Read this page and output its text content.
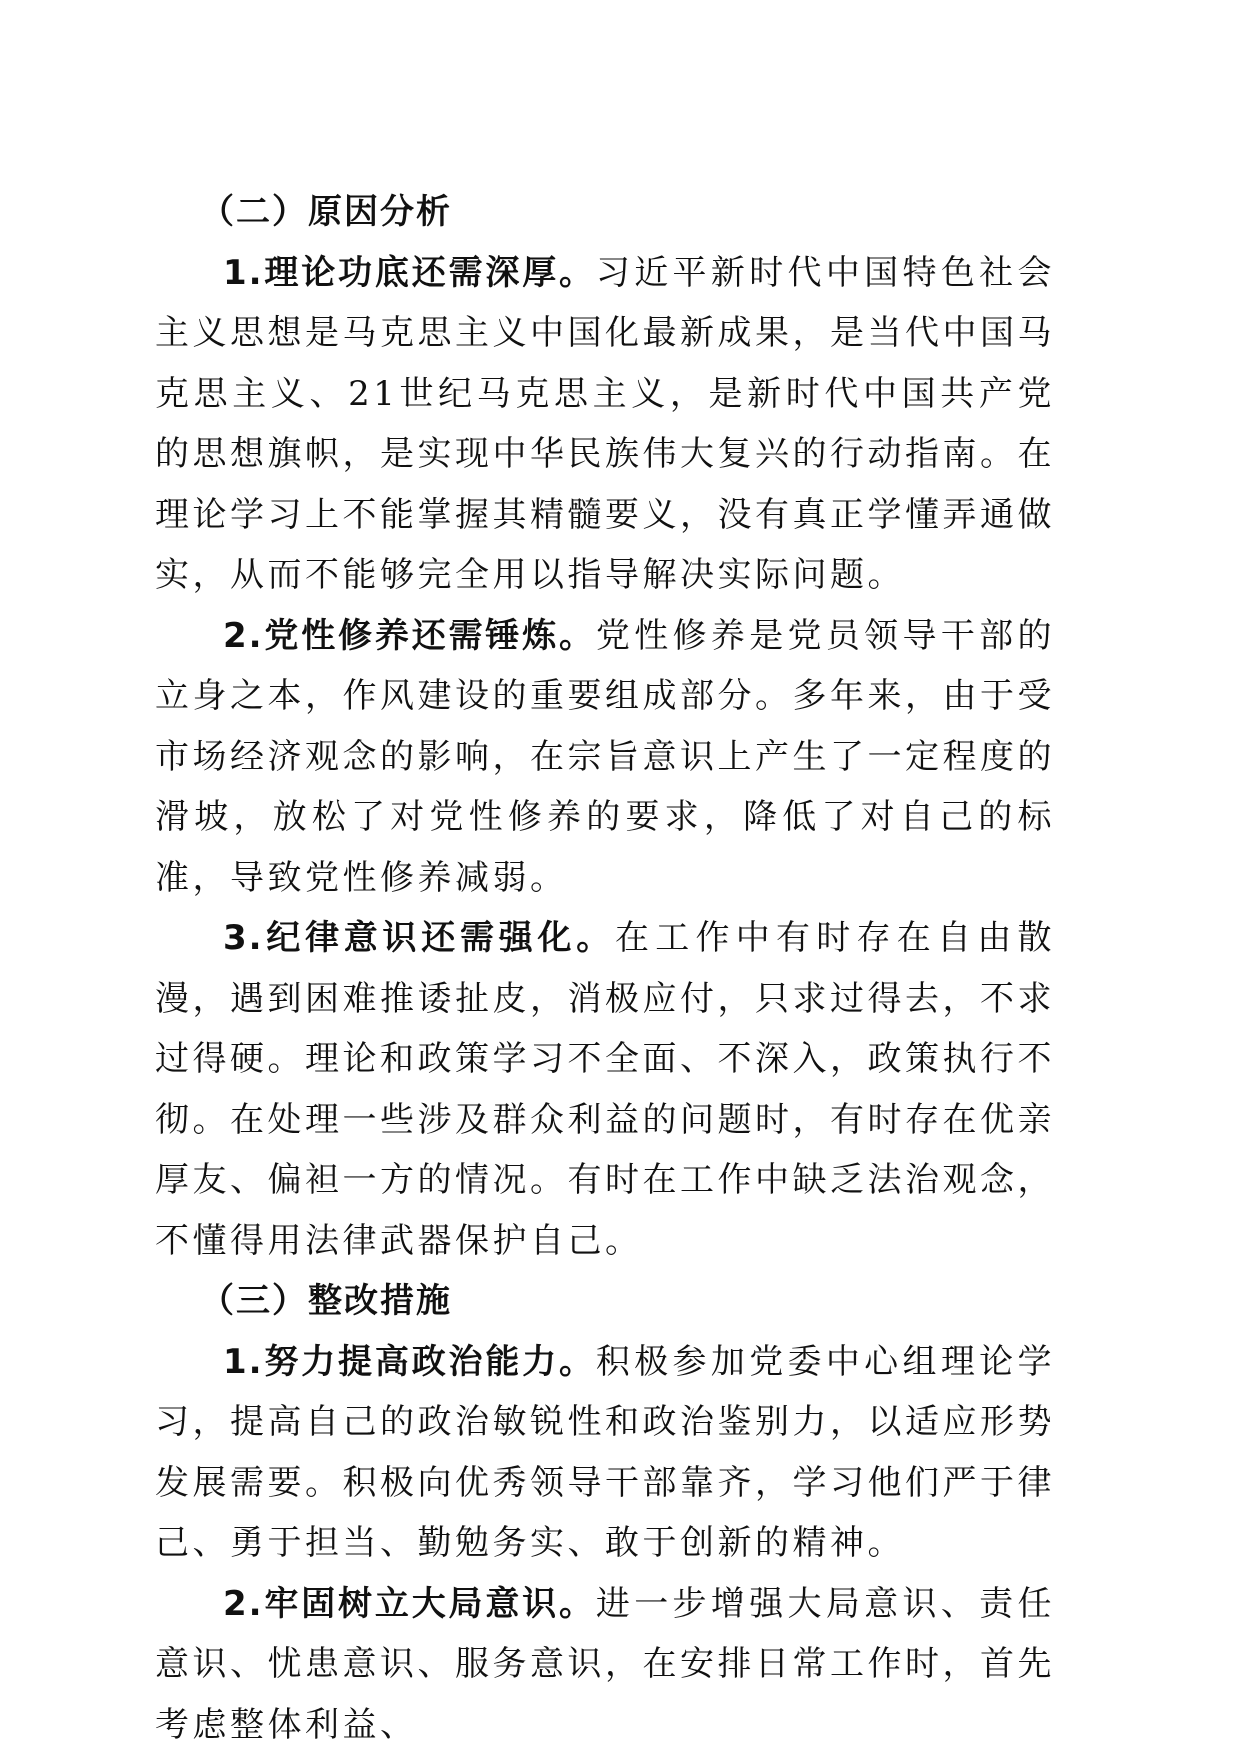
（二）原因分析

1.理论功底还需深厚。习近平新时代中国特色社会主义思想是马克思主义中国化最新成果，是当代中国马克思主义、21世纪马克思主义，是新时代中国共产党的思想旗帜，是实现中华民族伟大复兴的行动指南。在理论学习上不能掌握其精髓要义，没有真正学懂弄通做实，从而不能够完全用以指导解决实际问题。

2.党性修养还需锤炼。党性修养是党员领导干部的立身之本，作风建设的重要组成部分。多年来，由于受市场经济观念的影响，在宗旨意识上产生了一定程度的滑坡，放松了对党性修养的要求，降低了对自己的标准，导致党性修养减弱。

3.纪律意识还需强化。在工作中有时存在自由散漫，遇到困难推诿扯皮，消极应付，只求过得去，不求过得硬。理论和政策学习不全面、不深入，政策执行不彻。在处理一些涉及群众利益的问题时，有时存在优亲厚友、偏袒一方的情况。有时在工作中缺乏法治观念，不懂得用法律武器保护自己。

（三）整改措施

1.努力提高政治能力。积极参加党委中心组理论学习，提高自己的政治敏锐性和政治鉴别力，以适应形势发展需要。积极向优秀领导干部靠齐，学习他们严于律己、勇于担当、勤勉务实、敢于创新的精神。

2.牢固树立大局意识。进一步增强大局意识、责任意识、忧患意识、服务意识，在安排日常工作时，首先考虑整体利益、
